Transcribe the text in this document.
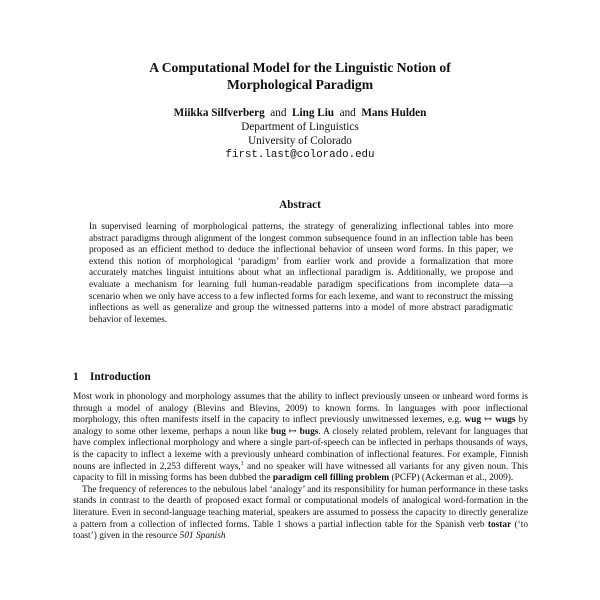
A Computational Model for the Linguistic Notion of
Morphological Paradigm
Miikka Silfverberg and Ling Liu and Mans Hulden
Department of Linguistics
University of Colorado
first.last@colorado.edu
Abstract
In supervised learning of morphological patterns, the strategy of generalizing inflectional tables into more abstract paradigms through alignment of the longest common subsequence found in an inflection table has been proposed as an efficient method to deduce the inflectional behavior of unseen word forms. In this paper, we extend this notion of morphological ‘paradigm’ from earlier work and provide a formalization that more accurately matches linguist intuitions about what an inflectional paradigm is. Additionally, we propose and evaluate a mechanism for learning full human-readable paradigm specifications from incomplete data—a scenario when we only have access to a few inflected forms for each lexeme, and want to reconstruct the missing inflections as well as generalize and group the witnessed patterns into a model of more abstract paradigmatic behavior of lexemes.
1 Introduction

Most work in phonology and morphology assumes that the ability to inflect previously unseen or unheard word forms is through a model of analogy (Blevins and Blevins, 2009) to known forms. In languages with poor inflectional morphology, this often manifests itself in the capacity to inflect previously unwitnessed lexemes, e.g. wug ↦ wugs by analogy to some other lexeme, perhaps a noun like bug ↦ bugs. A closely related problem, relevant for languages that have complex inflectional morphology and where a single part-of-speech can be inflected in perhaps thousands of ways, is the capacity to inflect a lexeme with a previously unheard combination of inflectional features. For example, Finnish nouns are inflected in 2,253 different ways,$^1$ and no speaker will have witnessed all variants for any given noun. This capacity to fill in missing forms has been dubbed the paradigm cell filling problem (PCFP) (Ackerman et al., 2009).

The frequency of references to the nebulous label ‘analogy’ and its responsibility for human performance in these tasks stands in contrast to the dearth of proposed exact formal or computational models of analogical word-formation in the literature. Even in second-language teaching material, speakers are assumed to possess the capacity to directly generalize a pattern from a collection of inflected forms. Table 1 shows a partial inflection table for the Spanish verb tostar (‘to toast’) given in the resource 501 Spanish
